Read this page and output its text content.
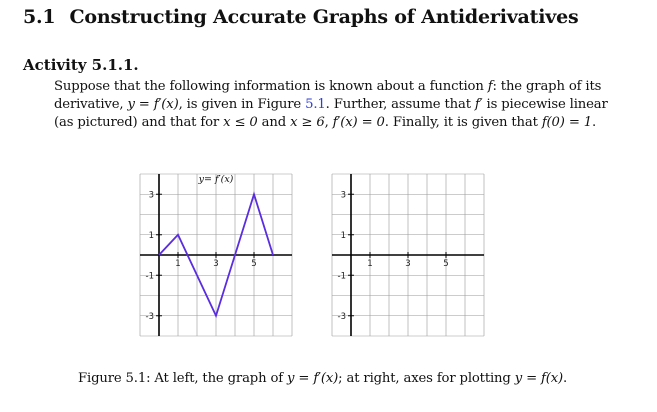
5.1 Constructing Accurate Graphs of Antiderivatives
Activity 5.1.1.
Suppose that the following information is known about a function f: the graph of its
derivative, y = f′(x), is given in Figure 5.1. Further, assume that f′ is piecewise linear
(as pictured) and that for x ≤ 0 and x ≥ 6, f′(x) = 0. Finally, it is given that f(0) = 1.
1	3	5
3
1
-1
-3
y= f′(x)
1	3	5
3
1
-1
-3
Figure 5.1: At left, the graph of y = f′(x); at right, axes for plotting y = f(x).
